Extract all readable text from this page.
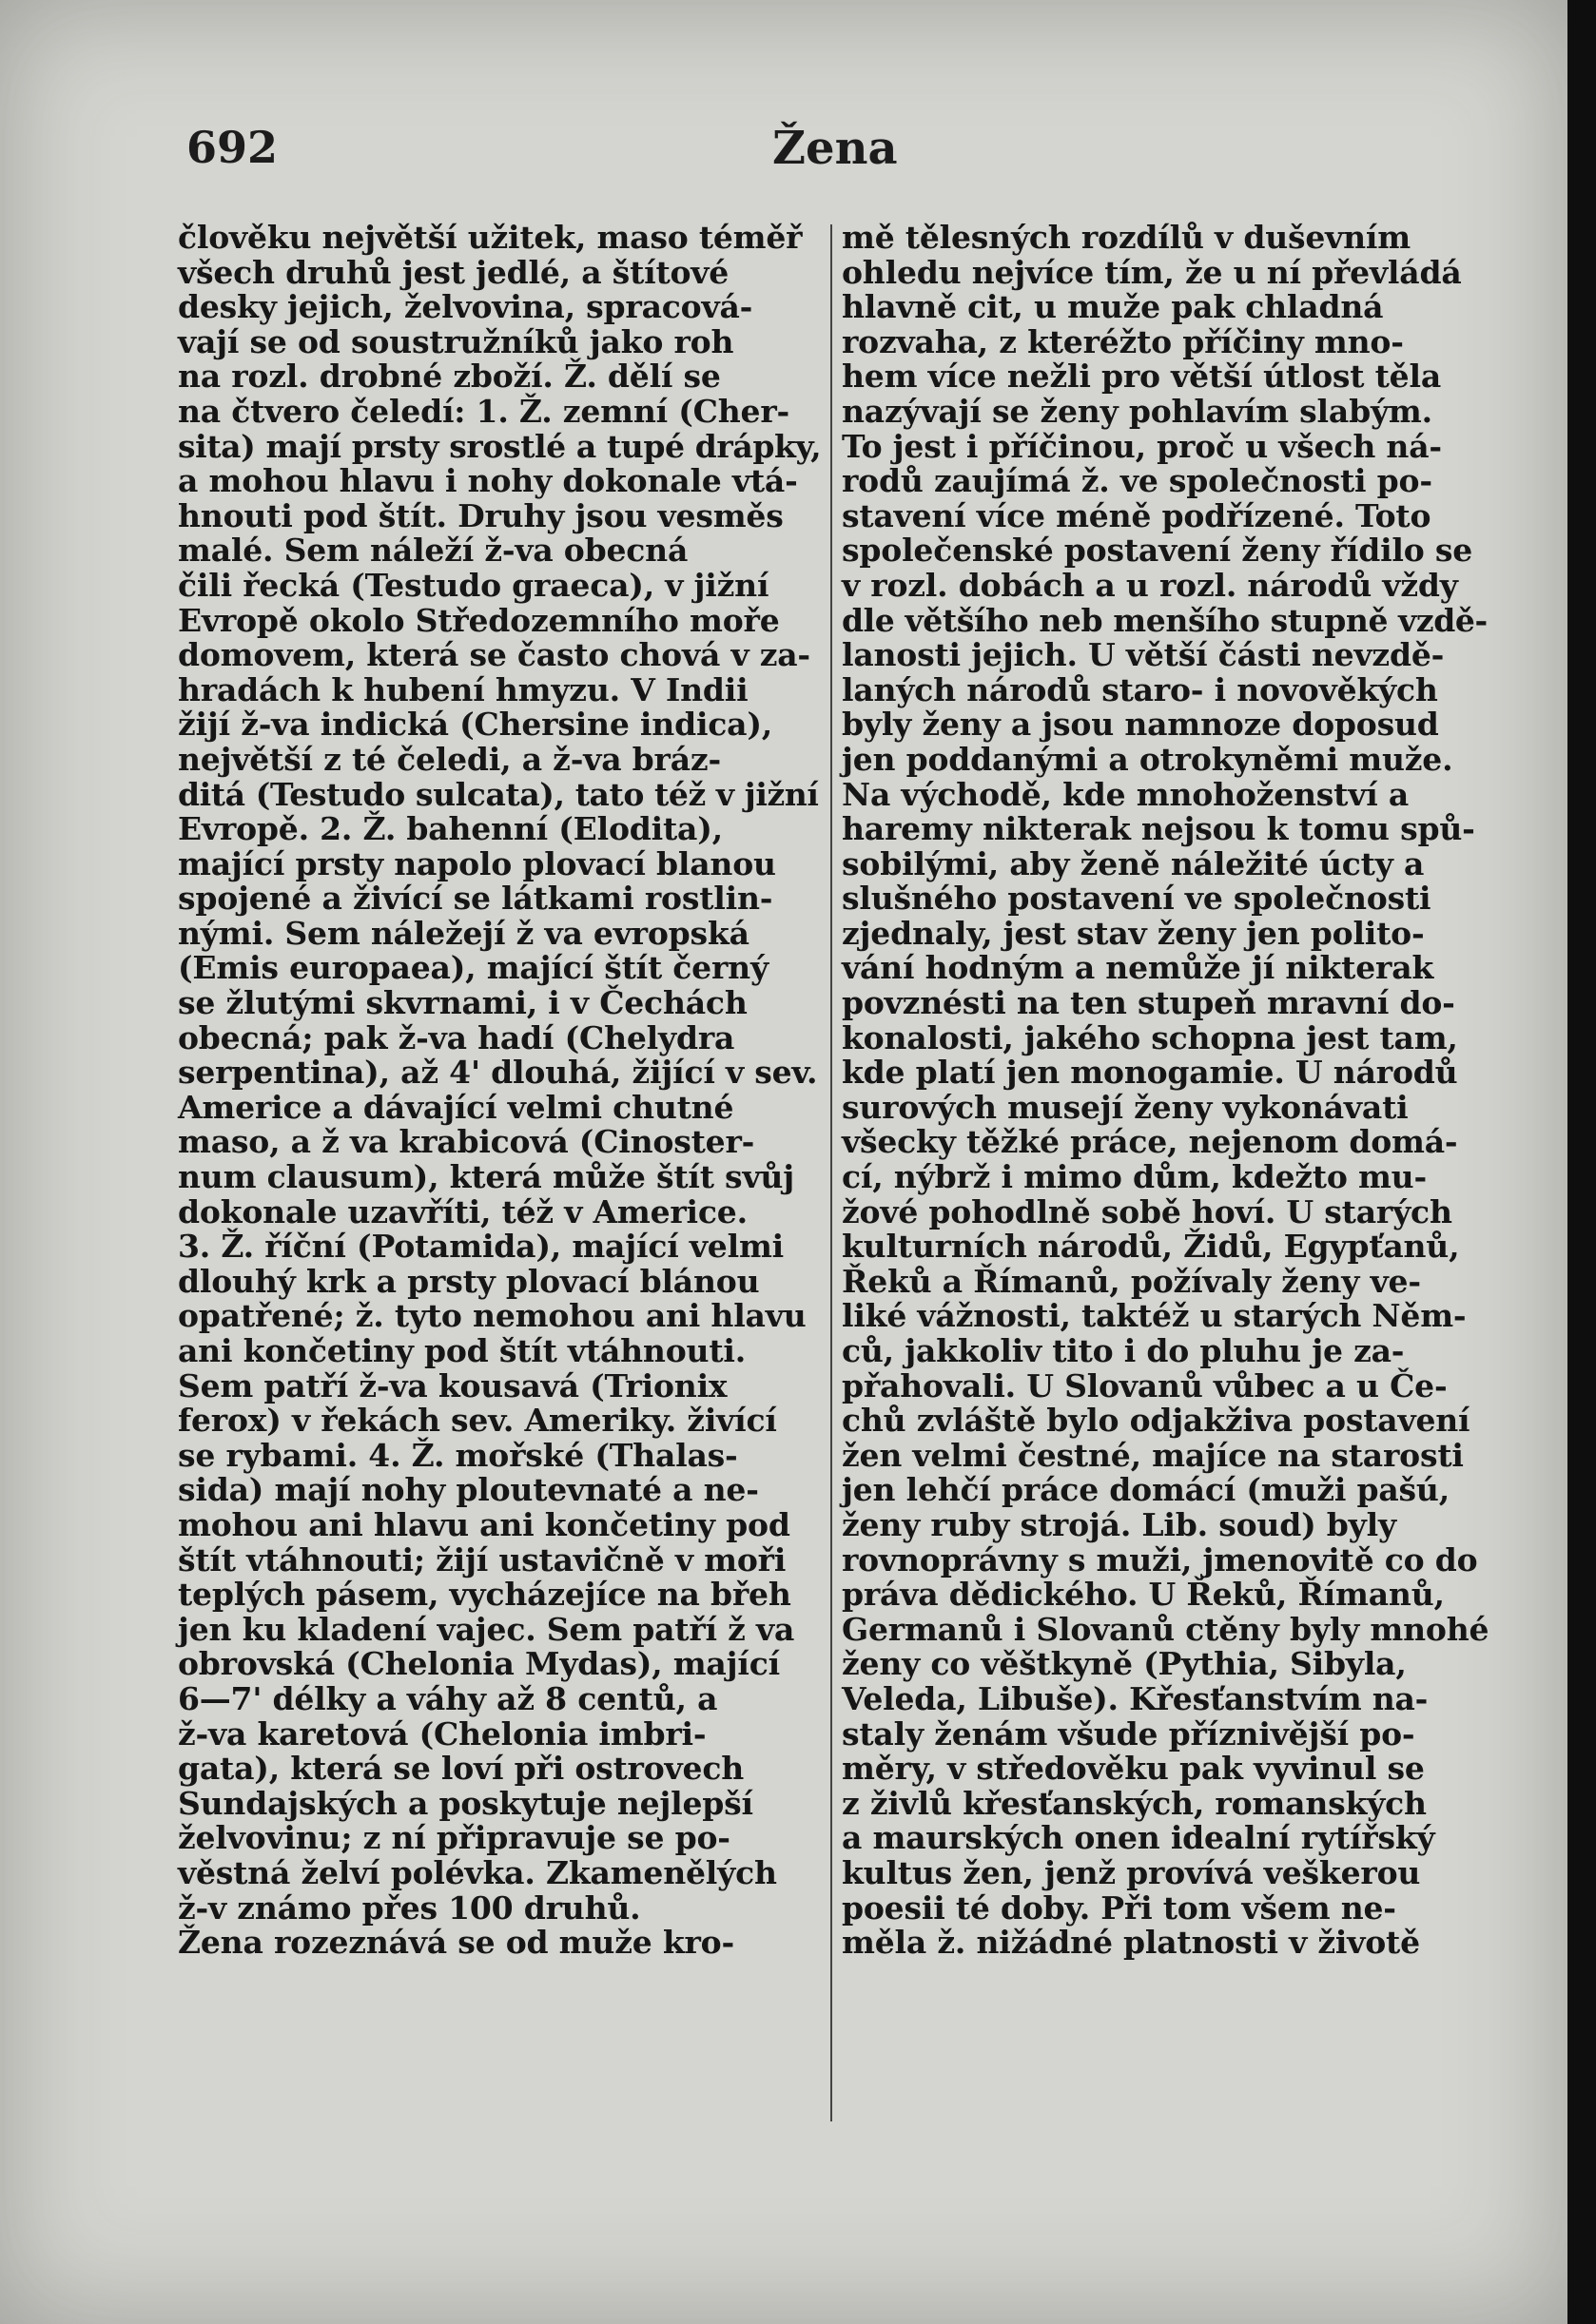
692	Žena
člověku největší užitek, maso téměř
všech druhů jest jedlé, a štítové
desky jejich, želvovina, spracová-
vají se od soustružníků jako roh
na rozl. drobné zboží. Ž. dělí se
na čtvero čeledí: 1. Ž. zemní (Cher-
sita) mají prsty srostlé a tupé drápky,
a mohou hlavu i nohy dokonale vtá-
hnouti pod štít. Druhy jsou vesměs
malé. Sem náleží ž-va obecná
čili řecká (Testudo graeca), v jižní
Evropě okolo Středozemního moře
domovem, která se často chová v za-
hradách k hubení hmyzu. V Indii
žijí ž-va indická (Chersine indica),
největší z té čeledi, a ž-va bráz-
ditá (Testudo sulcata), tato též v jižní
Evropě. 2. Ž. bahenní (Elodita),
mající prsty napolo plovací blanou
spojené a živící se látkami rostlin-
nými. Sem náležejí ž va evropská
(Emis europaea), mající štít černý
se žlutými skvrnami, i v Čechách
obecná; pak ž-va hadí (Chelydra
serpentina), až 4' dlouhá, žijící v sev.
Americe a dávající velmi chutné
maso, a ž va krabicová (Cinoster-
num clausum), která může štít svůj
dokonale uzavříti, též v Americe.
3. Ž. říční (Potamida), mající velmi
dlouhý krk a prsty plovací blánou
opatřené; ž. tyto nemohou ani hlavu
ani končetiny pod štít vtáhnouti.
Sem patří ž-va kousavá (Trionix
ferox) v řekách sev. Ameriky. živící
se rybami. 4. Ž. mořské (Thalas-
sida) mají nohy ploutevnaté a ne-
mohou ani hlavu ani končetiny pod
štít vtáhnouti; žijí ustavičně v moři
teplých pásem, vycházejíce na břeh
jen ku kladení vajec. Sem patří ž va
obrovská (Chelonia Mydas), mající
6—7' délky a váhy až 8 centů, a
ž-va karetová (Chelonia imbri-
gata), která se loví při ostrovech
Sundajských a poskytuje nejlepší
želvovinu; z ní připravuje se po-
věstná želví polévka. Zkamenělých
ž-v známo přes 100 druhů.
Žena rozeznává se od muže kro-
mě tělesných rozdílů v duševním
ohledu nejvíce tím, že u ní převládá
hlavně cit, u muže pak chladná
rozvaha, z kteréžto příčiny mno-
hem více nežli pro větší útlost těla
nazývají se ženy pohlavím slabým.
To jest i příčinou, proč u všech ná-
rodů zaujímá ž. ve společnosti po-
stavení více méně podřízené. Toto
společenské postavení ženy řídilo se
v rozl. dobách a u rozl. národů vždy
dle většího neb menšího stupně vzdě-
lanosti jejich. U větší části nevzdě-
laných národů staro- i novověkých
byly ženy a jsou namnoze doposud
jen poddanými a otrokyněmi muže.
Na východě, kde mnohoženství a
haremy nikterak nejsou k tomu spů-
sobilými, aby ženě náležité úcty a
slušného postavení ve společnosti
zjednaly, jest stav ženy jen polito-
vání hodným a nemůže jí nikterak
povznésti na ten stupeň mravní do-
konalosti, jakého schopna jest tam,
kde platí jen monogamie. U národů
surových musejí ženy vykonávati
všecky těžké práce, nejenom domá-
cí, nýbrž i mimo dům, kdežto mu-
žové pohodlně sobě hoví. U starých
kulturních národů, Židů, Egypťanů,
Řeků a Římanů, požívaly ženy ve-
liké vážnosti, taktéž u starých Něm-
ců, jakkoliv tito i do pluhu je za-
přahovali. U Slovanů vůbec a u Če-
chů zvláště bylo odjakživa postavení
žen velmi čestné, majíce na starosti
jen lehčí práce domácí (muži pašú,
ženy ruby strojá. Lib. soud) byly
rovnoprávny s muži, jmenovitě co do
práva dědického. U Řeků, Římanů,
Germanů i Slovanů ctěny byly mnohé
ženy co věštkyně (Pythia, Sibyla,
Veleda, Libuše). Křesťanstvím na-
staly ženám všude příznivější po-
měry, v středověku pak vyvinul se
z živlů křesťanských, romanských
a maurských onen idealní rytířský
kultus žen, jenž provívá veškerou
poesii té doby. Při tom všem ne-
měla ž. nižádné platnosti v životě
